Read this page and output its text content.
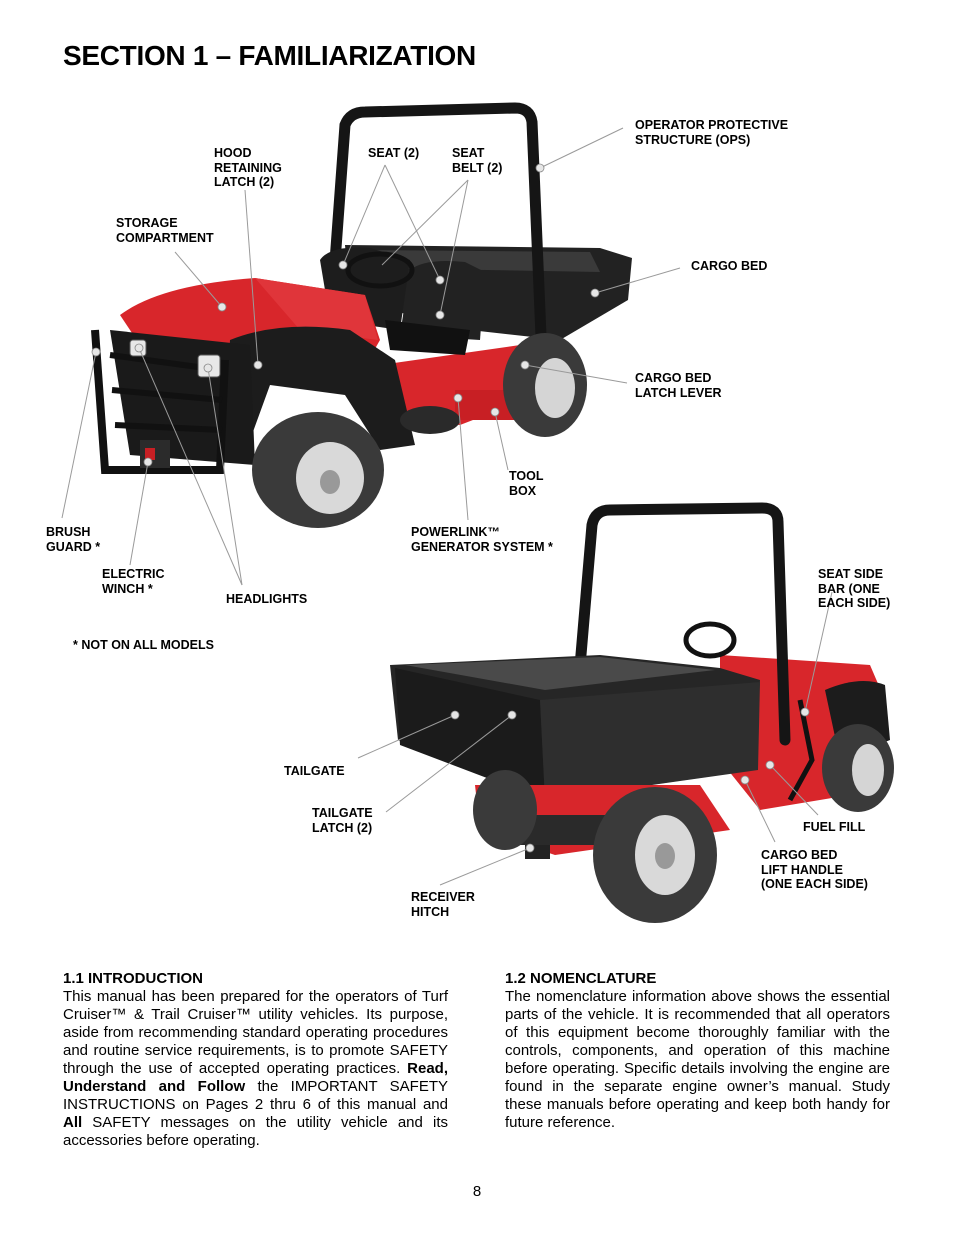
SECTION 1 – FAMILIARIZATION
OPERATOR PROTECTIVE
STRUCTURE (OPS)
HOOD
RETAINING
LATCH (2)
SEAT (2)	SEAT
BELT (2)
STORAGE
COMPARTMENT
CARGO BED
CARGO BED
LATCH LEVER
TOOL
BOX
BRUSH
GUARD *
POWERLINK™
GENERATOR SYSTEM *
ELECTRIC
WINCH *
HEADLIGHTS
SEAT SIDE
BAR (ONE
EACH SIDE)
* NOT ON ALL MODELS
TAILGATE
TAILGATE
LATCH (2)	FUEL FILL
CARGO BED
LIFT HANDLE
(ONE EACH SIDE)
RECEIVER
HITCH
1.1 INTRODUCTION

This manual has been prepared for the operators of Turf Cruiser™ & Trail Cruiser™ utility vehicles. Its purpose, aside from recommending standard operating procedures and routine service requirements, is to promote SAFETY through the use of accepted operating practices. Read, Understand and Follow the IMPORTANT SAFETY INSTRUCTIONS on Pages 2 thru 6 of this manual and All SAFETY messages on the utility vehicle and its accessories before operating.

1.2 NOMENCLATURE

The nomenclature information above shows the essential parts of the vehicle. It is recommended that all operators of this equipment become thoroughly familiar with the controls, components, and operation of this machine before operating. Specific details involving the engine are found in the separate engine owner’s manual. Study these manuals before operating and keep both handy for future reference.

8
